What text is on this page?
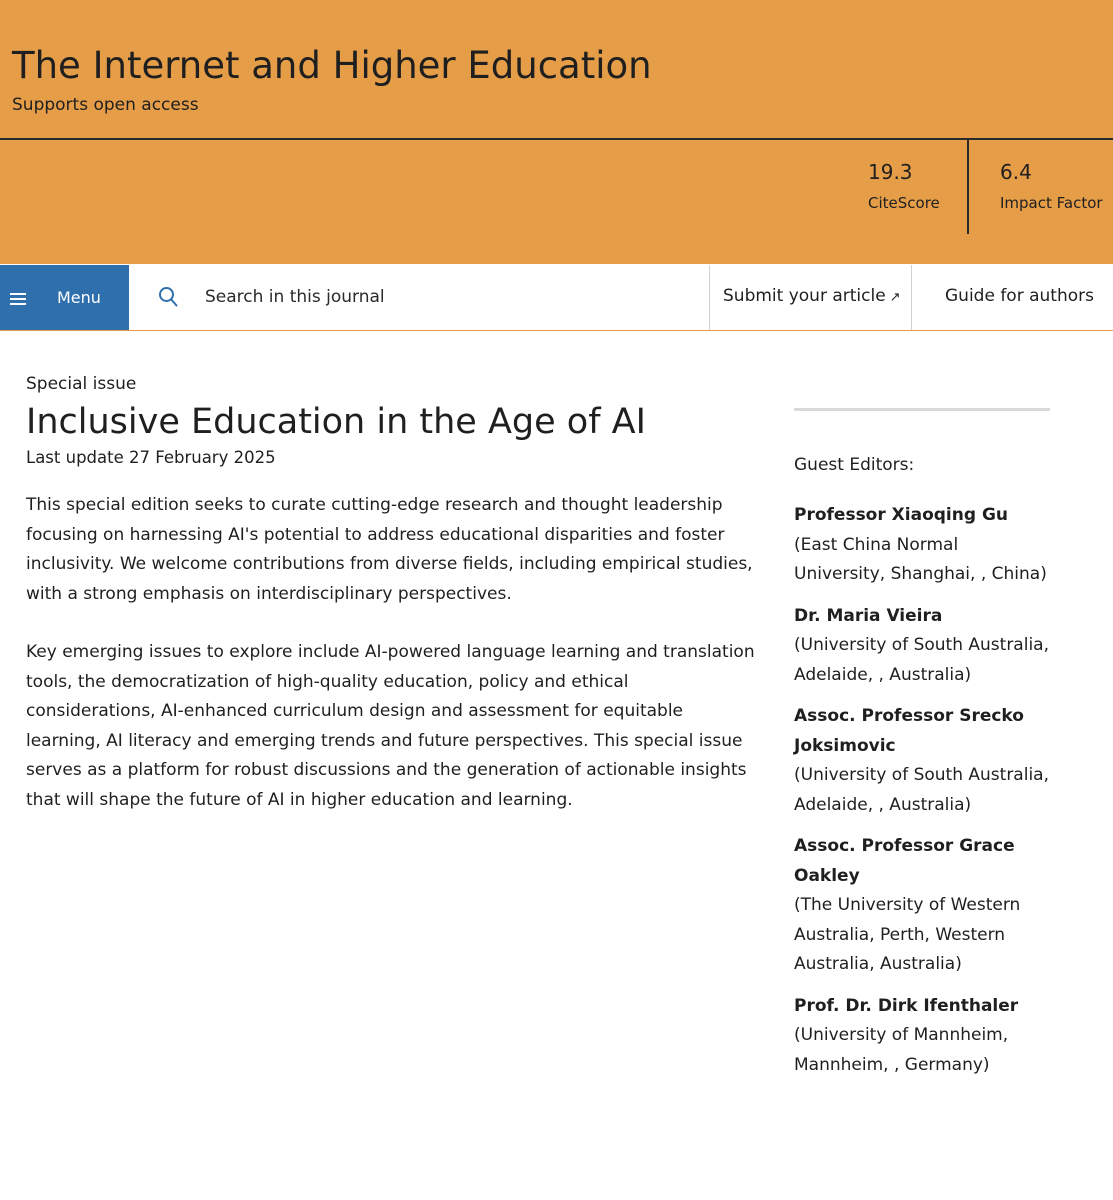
The Internet and Higher Education
Supports open access
19.3
CiteScore
6.4
Impact Factor
Menu
Search in this journal	Submit your article ↗	Guide for authors
Special issue
Inclusive Education in the Age of AI
Last update 27 February 2025

This special edition seeks to curate cutting-edge research and thought leadership focusing on harnessing AI's potential to address educational disparities and foster inclusivity. We welcome contributions from diverse fields, including empirical studies, with a strong emphasis on interdisciplinary perspectives.

Key emerging issues to explore include AI-powered language learning and translation tools, the democratization of high-quality education, policy and ethical considerations, AI-enhanced curriculum design and assessment for equitable learning, AI literacy and emerging trends and future perspectives. This special issue serves as a platform for robust discussions and the generation of actionable insights that will shape the future of AI in higher education and learning.

Guest Editors:
Professor Xiaoqing Gu
(East China Normal University, Shanghai, , China)
Dr. Maria Vieira
(University of South Australia, Adelaide, , Australia)
Assoc. Professor Srecko Joksimovic
(University of South Australia, Adelaide, , Australia)
Assoc. Professor Grace Oakley
(The University of Western Australia, Perth, Western Australia, Australia)
Prof. Dr. Dirk Ifenthaler
(University of Mannheim, Mannheim, , Germany)
